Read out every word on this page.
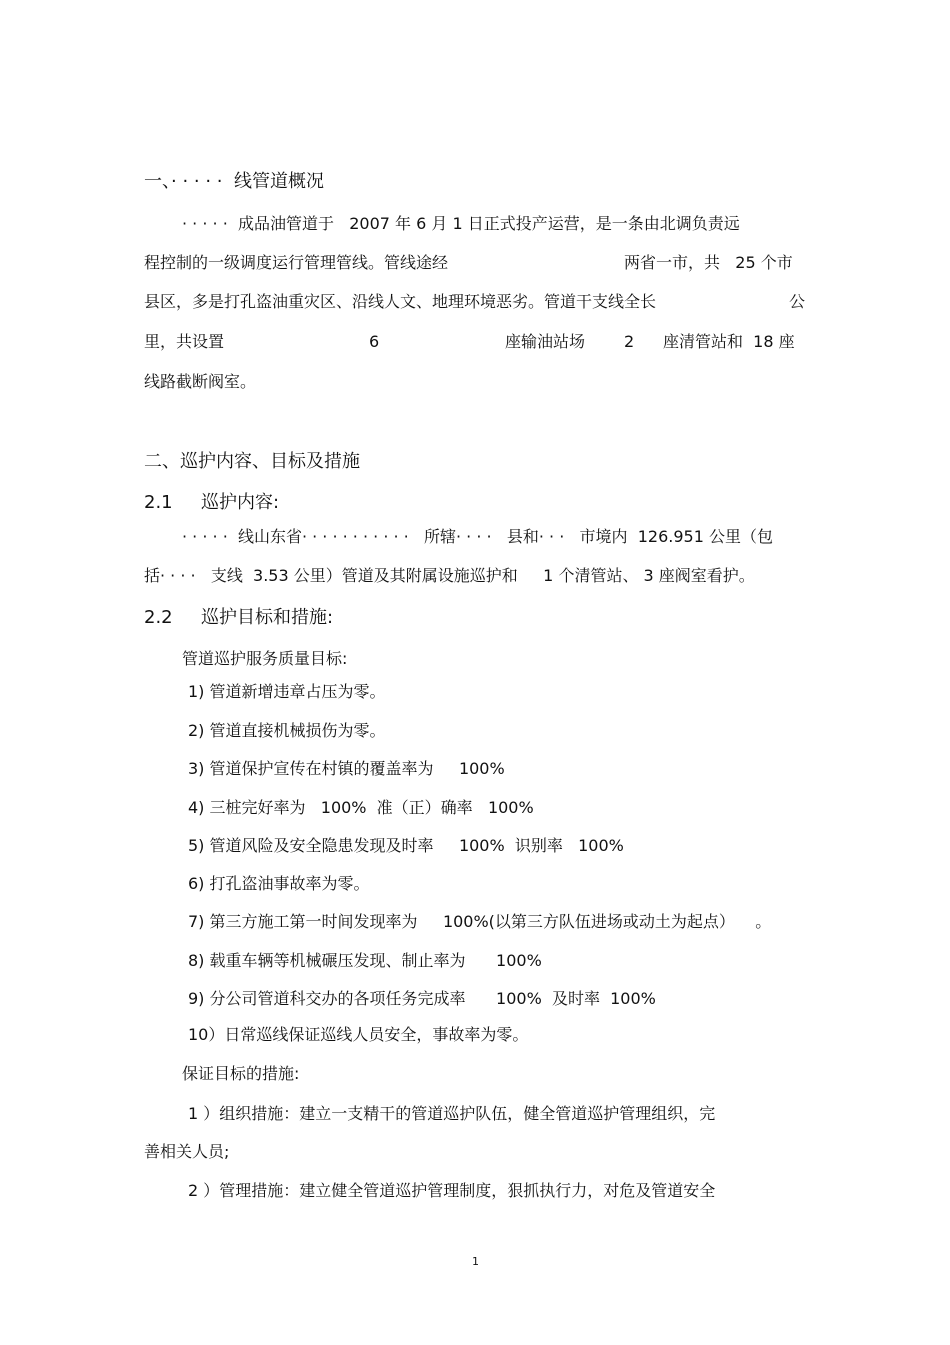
一、· · · · ·  线管道概况
· · · · ·  成品油管道于   2007 年 6 月 1 日正式投产运营，是一条由北调负责远
程控制的一级调度运行管理管线。管线途经	两省一市，共   25 个市
县区，多是打孔盗油重灾区、沿线人文、地理环境恶劣。管道干支线全长	公
里，共设置	6	座输油站场 2 座清管站和  18 座
线路截断阀室。
二、巡护内容、目标及措施
2.1 巡护内容:
· · · · ·  线山东省· · · · · · · · · · ·   所辖· · · ·   县和· · ·   市境内  126.951 公里（包
括· · · ·   支线  3.53 公里）管道及其附属设施巡护和     1 个清管站、 3 座阀室看护。
2.2 巡护目标和措施:
管道巡护服务质量目标:
1) 管道新增违章占压为零。
2) 管道直接机械损伤为零。
3) 管道保护宣传在村镇的覆盖率为     100%
4) 三桩完好率为   100%  准（正）确率   100%
5) 管道风险及安全隐患发现及时率     100%  识别率   100%
6) 打孔盗油事故率为零。
7) 第三方施工第一时间发现率为     100%(以第三方队伍进场或动土为起点）    。
8) 载重车辆等机械碾压发现、制止率为      100%
9) 分公司管道科交办的各项任务完成率      100%  及时率  100%
10）日常巡线保证巡线人员安全，事故率为零。
保证目标的措施:
1 ）组织措施：建立一支精干的管道巡护队伍，健全管道巡护管理组织，完
善相关人员;
2 ）管理措施：建立健全管道巡护管理制度，狠抓执行力，对危及管道安全
1
